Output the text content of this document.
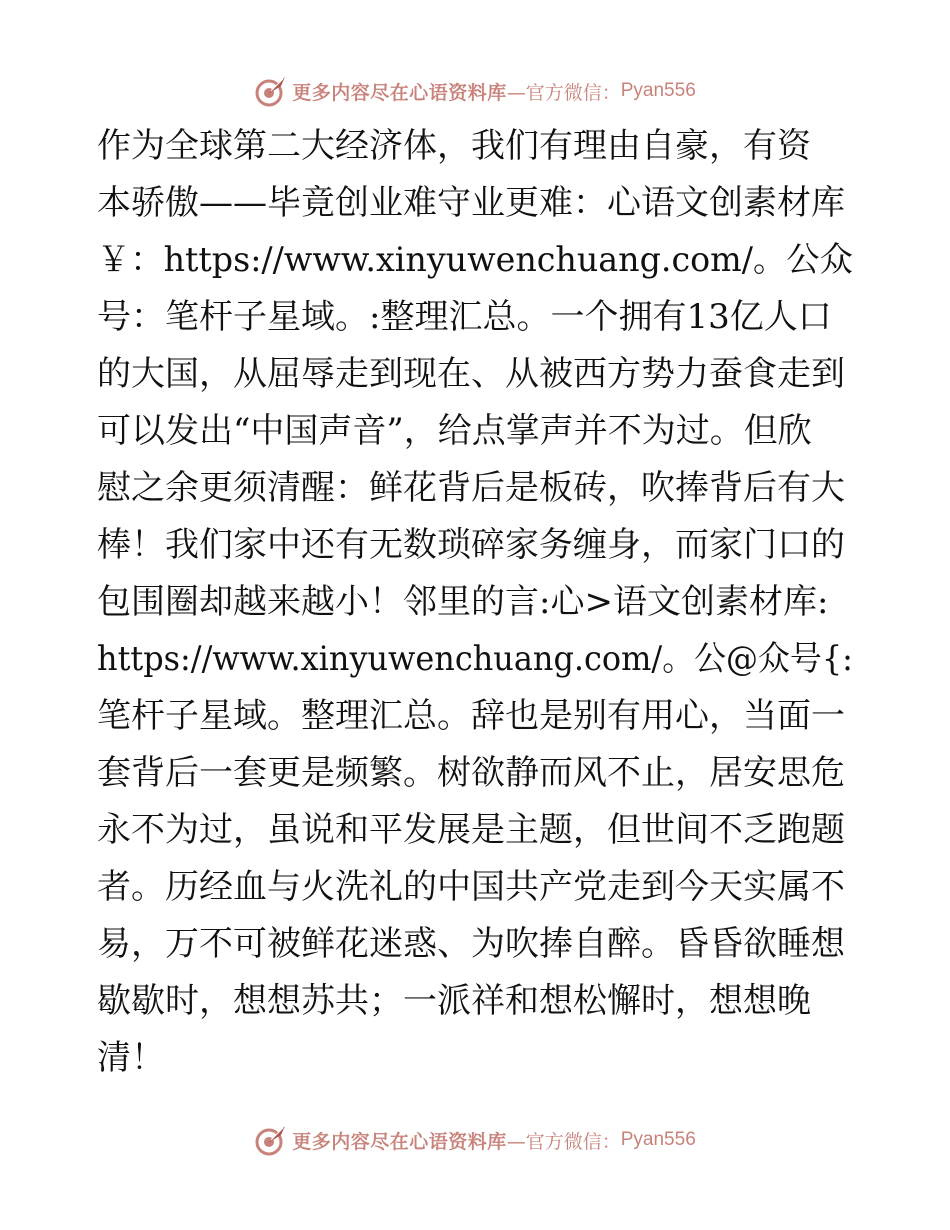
更多内容尽在心语资料库 —官方微信： Pyan556
作为全球第二大经济体，我们有理由自豪，有资
本骄傲——毕竟创业难守业更难：心语文创素材库
￥：https://www.xinyuwenchuang.com/。公众
号：笔杆子星域。:整理汇总。一个拥有13亿人口
的大国，从屈辱走到现在、从被西方势力蚕食走到
可以发出“中国声音”，给点掌声并不为过。但欣
慰之余更须清醒：鲜花背后是板砖，吹捧背后有大
棒！我们家中还有无数琐碎家务缠身，而家门口的
包围圈却越来越小！邻里的言:心>语文创素材库:
https://www.xinyuwenchuang.com/。公@众号{:
笔杆子星域。整理汇总。辞也是别有用心，当面一
套背后一套更是频繁。树欲静而风不止，居安思危
永不为过，虽说和平发展是主题，但世间不乏跑题
者。历经血与火洗礼的中国共产党走到今天实属不
易，万不可被鲜花迷惑、为吹捧自醉。昏昏欲睡想
歇歇时，想想苏共；一派祥和想松懈时，想想晚
清！
更多内容尽在心语资料库 —官方微信： Pyan556
